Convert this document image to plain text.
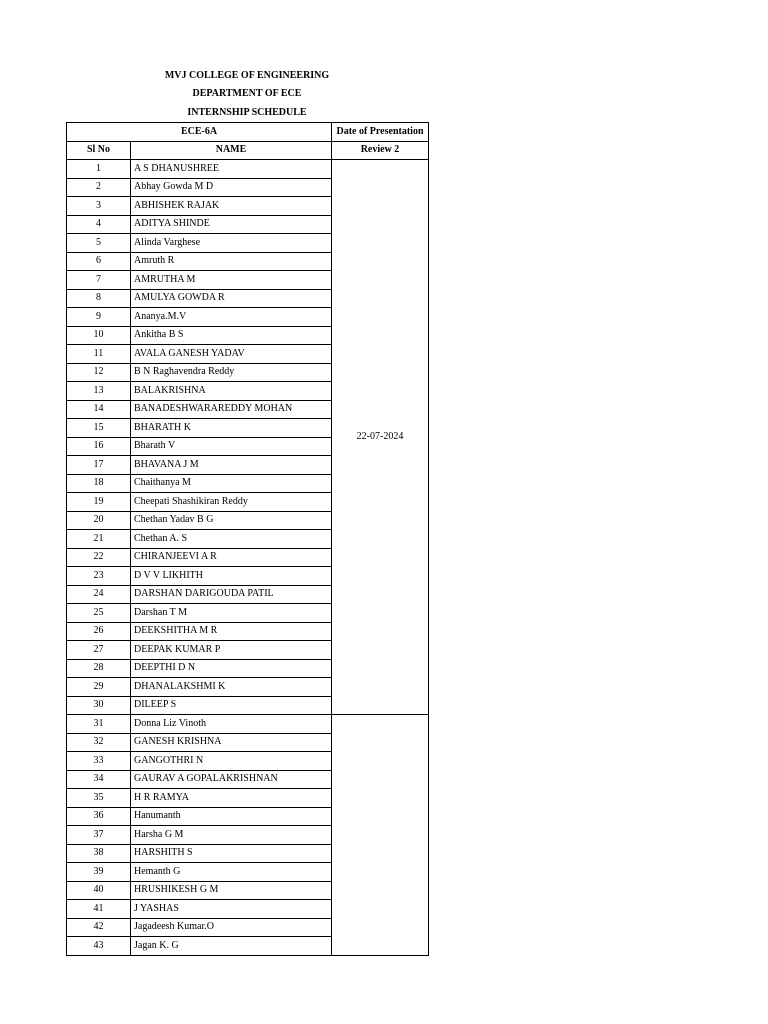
MVJ COLLEGE OF ENGINEERING
DEPARTMENT OF ECE
INTERNSHIP SCHEDULE
ECE-6A		Date of Presentation
Sl No	NAME	Review 2
1	A S DHANUSHREE	22-07-2024
2	Abhay Gowda M D	
3	ABHISHEK RAJAK	
4	ADITYA SHINDE	
5	Alinda Varghese	
6	Amruth R	
7	AMRUTHA M	
8	AMULYA GOWDA R	
9	Ananya.M.V	
10	Ankitha B S	
11	AVALA GANESH YADAV	
12	B N Raghavendra Reddy	
13	BALAKRISHNA	
14	BANADESHWARAREDDY MOHAN	
15	BHARATH K	
16	Bharath V	
17	BHAVANA J M	
18	Chaithanya M	
19	Cheepati Shashikiran Reddy	
20	Chethan Yadav B G	
21	Chethan A. S	
22	CHIRANJEEVI A R	
23	D V V LIKHITH	
24	DARSHAN DARIGOUDA PATIL	
25	Darshan T M	
26	DEEKSHITHA M R	
27	DEEPAK KUMAR P	
28	DEEPTHI D N	
29	DHANALAKSHMI K	
30	DILEEP S	
31	Donna Liz Vinoth	
32	GANESH KRISHNA	
33	GANGOTHRI N	
34	GAURAV A GOPALAKRISHNAN	
35	H R RAMYA	
36	Hanumanth	
37	Harsha G M	
38	HARSHITH S	
39	Hemanth G	
40	HRUSHIKESH G M	
41	J YASHAS	
42	Jagadeesh Kumar.O	
43	Jagan K. G	
